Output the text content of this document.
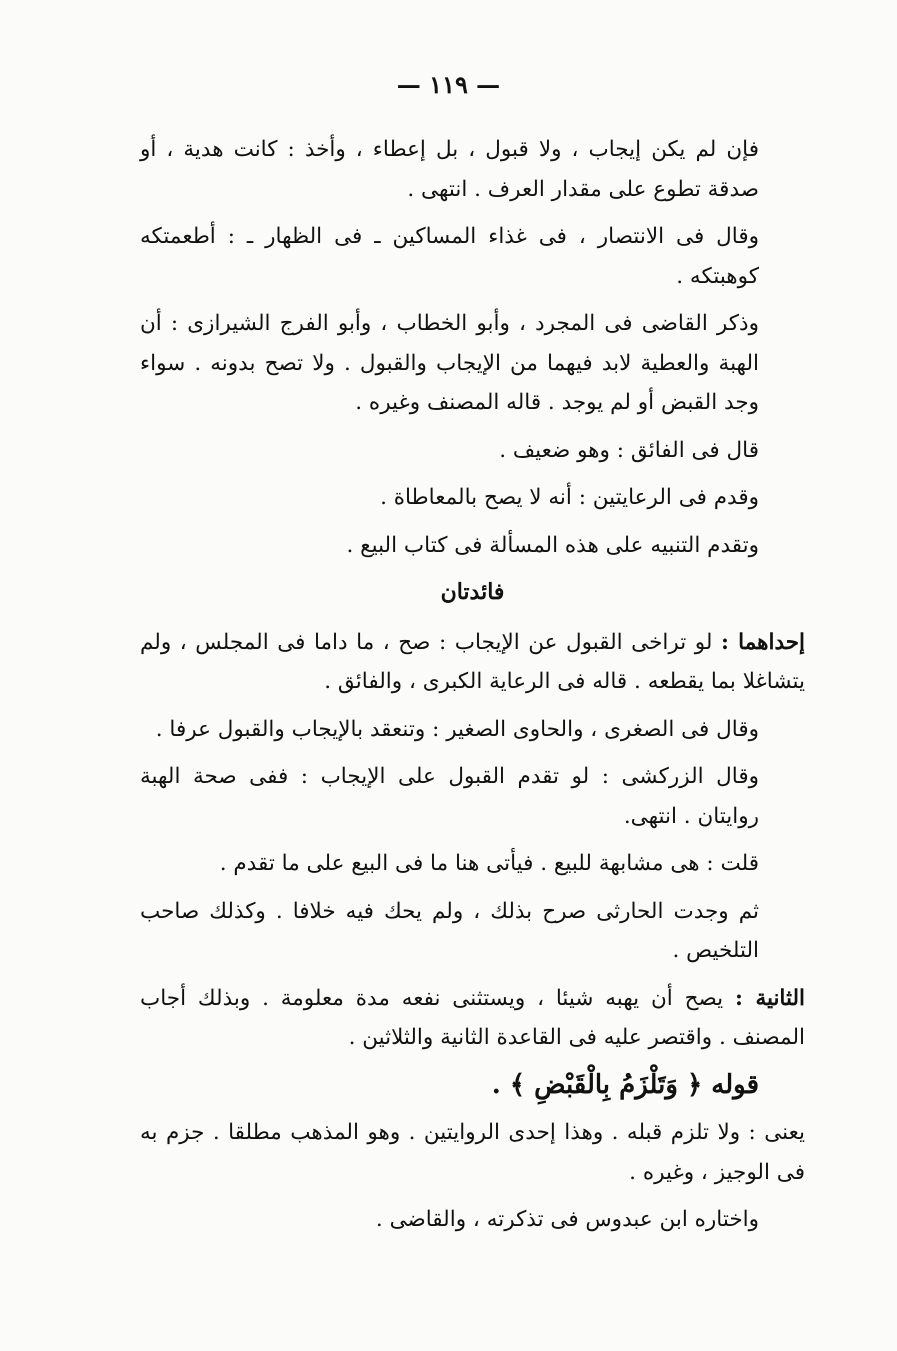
— ١١٩ —

فإن لم يكن إيجاب ، ولا قبول ، بل إعطاء ، وأخذ : كانت هدية ، أو صدقة تطوع على مقدار العرف . انتهى .

وقال فى الانتصار ، فى غذاء المساكين ـ فى الظهار ـ : أطعمتكه كوهبتكه .

وذكر القاضى فى المجرد ، وأبو الخطاب ، وأبو الفرج الشيرازى : أن الهبة والعطية لابد فيهما من الإيجاب والقبول . ولا تصح بدونه . سواء وجد القبض أو لم يوجد . قاله المصنف وغيره .

قال فى الفائق : وهو ضعيف .

وقدم فى الرعايتين : أنه لا يصح بالمعاطاة .

وتقدم التنبيه على هذه المسألة فى كتاب البيع .

فائدتان

إحداهما : لو تراخى القبول عن الإيجاب : صح ، ما داما فى المجلس ، ولم يتشاغلا بما يقطعه . قاله فى الرعاية الكبرى ، والفائق .

وقال فى الصغرى ، والحاوى الصغير : وتنعقد بالإيجاب والقبول عرفا .

وقال الزركشى : لو تقدم القبول على الإيجاب : ففى صحة الهبة روايتان . انتهى.

قلت : هى مشابهة للبيع . فيأتى هنا ما فى البيع على ما تقدم .

ثم وجدت الحارثى صرح بذلك ، ولم يحك فيه خلافا . وكذلك صاحب التلخيص .

الثانية : يصح أن يهبه شيئا ، ويستثنى نفعه مدة معلومة . وبذلك أجاب المصنف . واقتصر عليه فى القاعدة الثانية والثلاثين .

قوله ﴿ وَتَلْزَمُ بِالْقَبْضِ ﴾ .

يعنى : ولا تلزم قبله . وهذا إحدى الروايتين . وهو المذهب مطلقا . جزم به فى الوجيز ، وغيره .

واختاره ابن عبدوس فى تذكرته ، والقاضى .
